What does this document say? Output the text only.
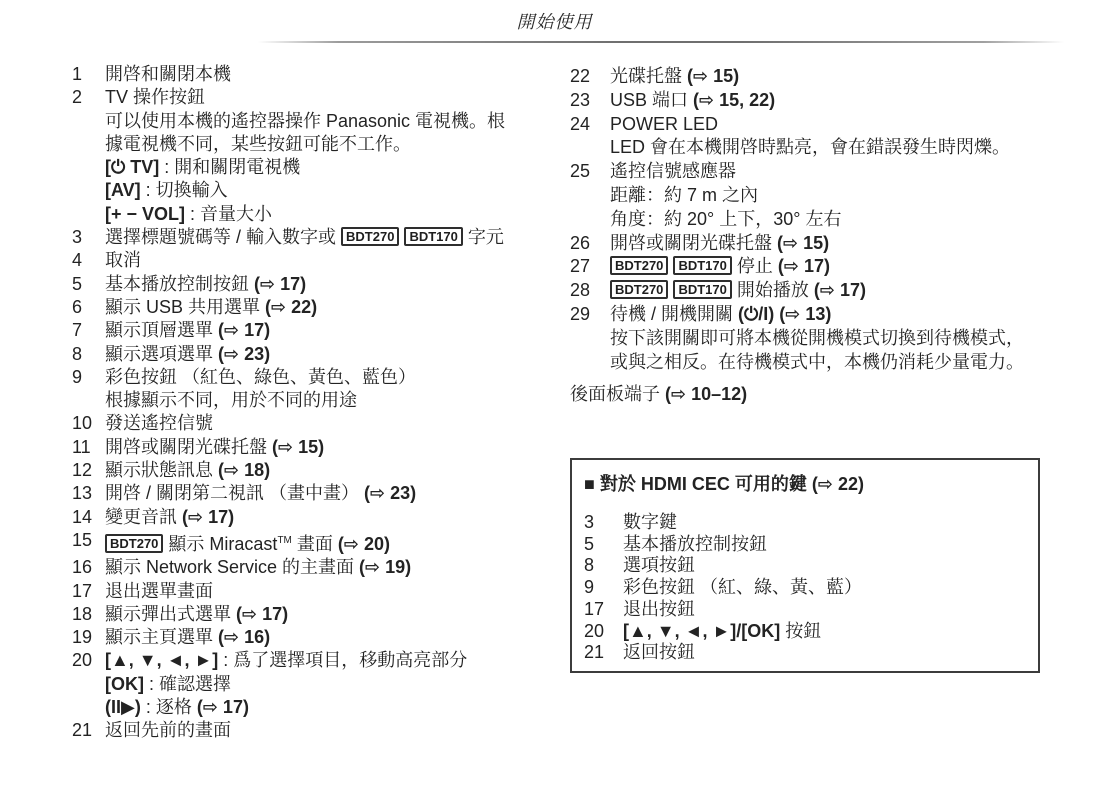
開始使用
1	開啓和關閉本機
2	TV 操作按鈕
可以使用本機的遙控器操作 Panasonic 電視機。根
據電視機不同，某些按鈕可能不工作。
[⏻ TV] : 開和關閉電視機
[AV] : 切換輸入
[+ − VOL] : 音量大小
3	選擇標題號碼等 / 輸入數字或 BDT270 BDT170 字元
4	取消
5	基本播放控制按鈕 (⇨ 17)
6	顯示 USB 共用選單 (⇨ 22)
7	顯示頂層選單 (⇨ 17)
8	顯示選項選單 (⇨ 23)
9	彩色按鈕 （紅色、綠色、黃色、藍色）
根據顯示不同，用於不同的用途
10 發送遙控信號
11 開啓或關閉光碟托盤 (⇨ 15)
12 顯示狀態訊息 (⇨ 18)
13 開啓 / 關閉第二視訊 （畫中畫） (⇨ 23)
14 變更音訊 (⇨ 17)
15	BDT270 顯示 Miracast™ 畫面 (⇨ 20)
16 顯示 Network Service 的主畫面 (⇨ 19)
17 退出選單畫面
18 顯示彈出式選單 (⇨ 17)
19 顯示主頁選單 (⇨ 16)
20 [▲, ▼, ◄, ►] : 爲了選擇項目，移動高亮部分
[OK] : 確認選擇
(II▶) : 逐格 (⇨ 17)
21 返回先前的畫面
22	光碟托盤 (⇨ 15)
23	USB 端口 (⇨ 15, 22)
24	POWER LED
LED 會在本機開啓時點亮，會在錯誤發生時閃爍。
25	遙控信號感應器
距離：約 7 m 之內
角度：約 20° 上下，30° 左右
26	開啓或關閉光碟托盤 (⇨ 15)
27	BDT270 BDT170 停止 (⇨ 17)
28	BDT270 BDT170 開始播放 (⇨ 17)
29	待機 / 開機開關 (⏻/I) (⇨ 13)
按下該開關即可將本機從開機模式切換到待機模式，
或與之相反。在待機模式中，本機仍消耗少量電力。
後面板端子 (⇨ 10–12)
■ 對於 HDMI CEC 可用的鍵 (⇨ 22)
3	數字鍵
5	基本播放控制按鈕
8	選項按鈕
9	彩色按鈕 （紅、綠、黃、藍）
17	退出按鈕
20	[▲, ▼, ◄, ►]/[OK] 按鈕
21	返回按鈕
